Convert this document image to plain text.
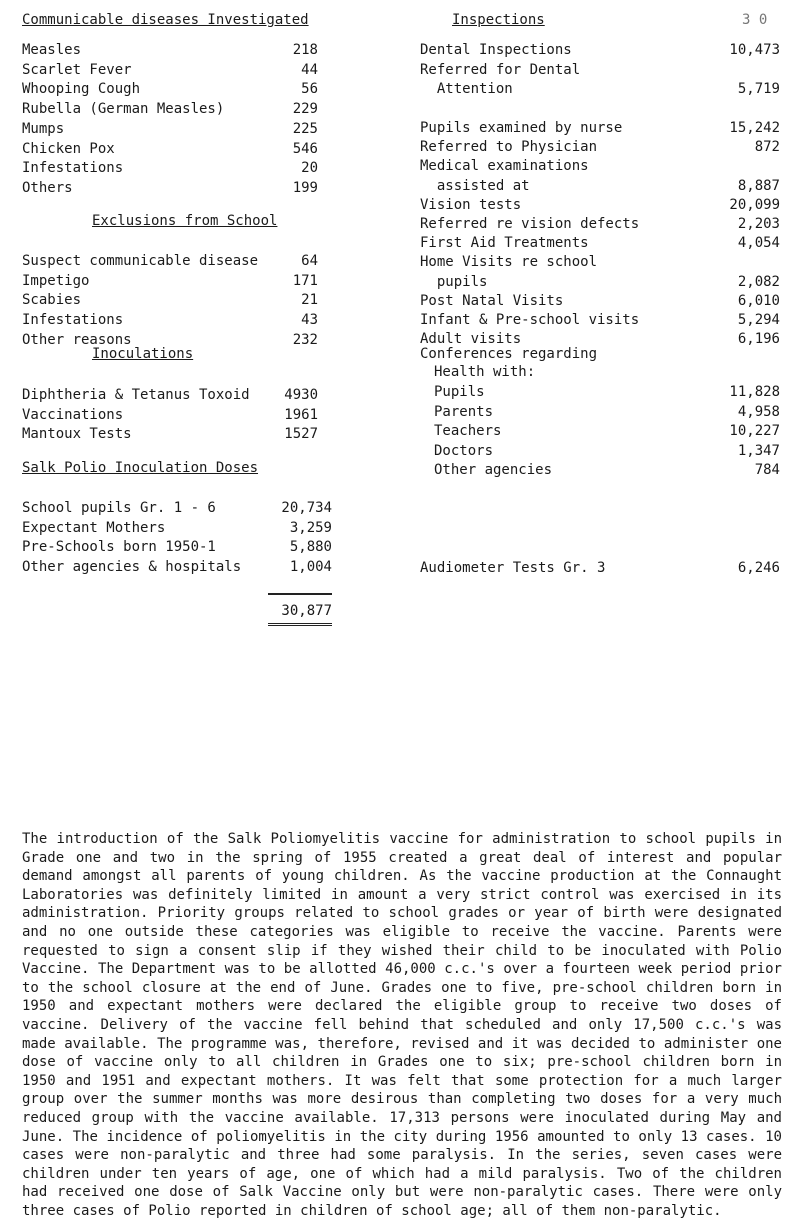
Communicable diseases Investigated
Measles	218
Scarlet Fever	44
Whooping Cough	56
Rubella (German Measles)	229
Mumps	225
Chicken Pox	546
Infestations	20
Others	199
Exclusions from School
Suspect communicable disease	64
Impetigo	171
Scabies	21
Infestations	43
Other reasons	232
Inoculations
Diphtheria & Tetanus Toxoid	4930
Vaccinations	1961
Mantoux Tests	1527
Salk Polio Inoculation Doses
School pupils Gr. 1 - 6	20,734
Expectant Mothers	3,259
Pre-Schools born 1950-1	5,880
Other agencies & hospitals	1,004
30,877
Inspections	3 0
Dental Inspections	10,473
Referred for Dental
Attention	5,719
Pupils examined by nurse	15,242
Referred to Physician	872
Medical examinations
assisted at	8,887
Vision tests	20,099
Referred re vision defects	2,203
First Aid Treatments	4,054
Home Visits re school
pupils	2,082
Post Natal Visits	6,010
Infant & Pre-school visits	5,294
Adult visits	6,196
Conferences regarding
Health with:
Pupils	11,828
Parents	4,958
Teachers	10,227
Doctors	1,347
Other agencies	784
Audiometer Tests Gr. 3	6,246
The introduction of the Salk Poliomyelitis vaccine for administration to school pupils in Grade one and two in the spring of 1955 created a great deal of interest and popular demand amongst all parents of young children. As the vaccine production at the Connaught Laboratories was definitely limited in amount a very strict control was exercised in its administration. Priority groups related to school grades or year of birth were designated and no one outside these categories was eligible to receive the vaccine. Parents were requested to sign a consent slip if they wished their child to be inoculated with Polio Vaccine. The Department was to be allotted 46,000 c.c.'s over a fourteen week period prior to the school closure at the end of June. Grades one to five, pre-school children born in 1950 and expectant mothers were declared the eligible group to receive two doses of vaccine. Delivery of the vaccine fell behind that scheduled and only 17,500 c.c.'s was made available. The programme was, therefore, revised and it was decided to administer one dose of vaccine only to all children in Grades one to six; pre-school children born in 1950 and 1951 and expectant mothers. It was felt that some protection for a much larger group over the summer months was more desirous than completing two doses for a very much reduced group with the vaccine available. 17,313 persons were inoculated during May and June. The incidence of poliomyelitis in the city during 1956 amounted to only 13 cases. 10 cases were non-paralytic and three had some paralysis. In the series, seven cases were children under ten years of age, one of which had a mild paralysis. Two of the children had received one dose of Salk Vaccine only but were non-paralytic cases. There were only three cases of Polio reported in children of school age; all of them non-paralytic.
